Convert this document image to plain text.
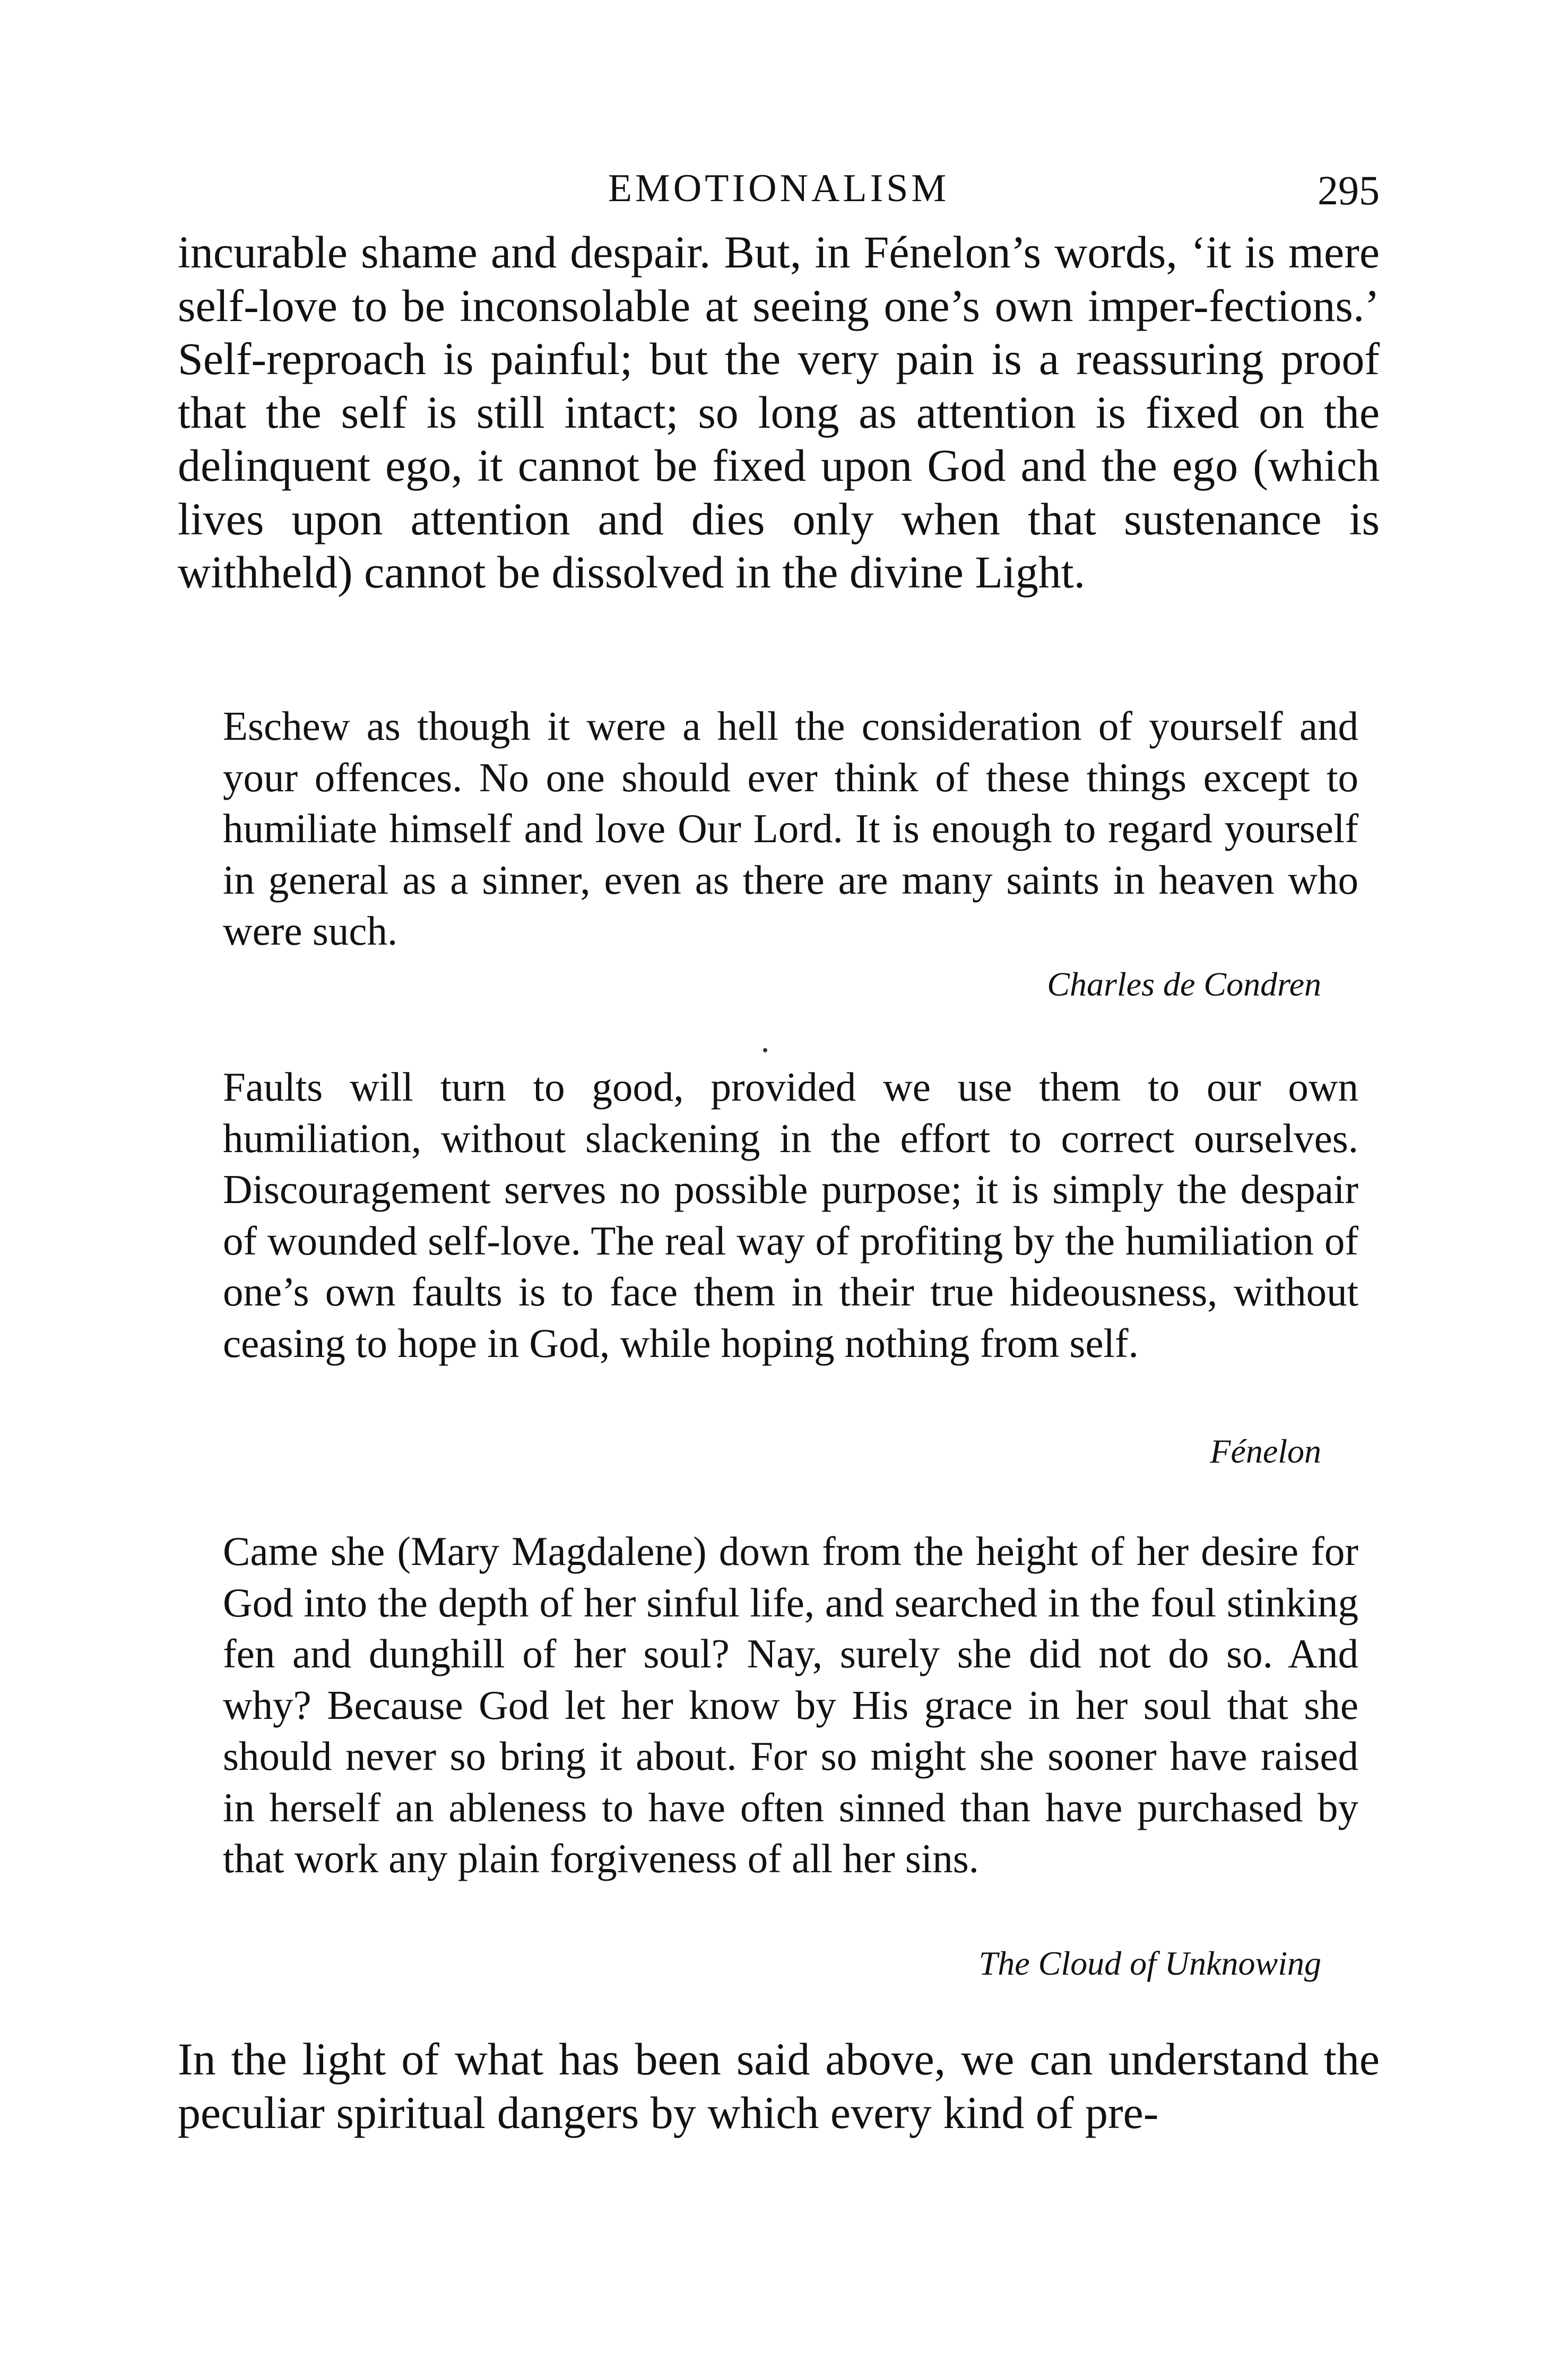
EMOTIONALISM	295

incurable shame and despair. But, in Fénelon’s words, ‘it is mere self-love to be inconsolable at seeing one’s own imper-fections.’ Self-reproach is painful; but the very pain is a reassuring proof that the self is still intact; so long as attention is fixed on the delinquent ego, it cannot be fixed upon God and the ego (which lives upon attention and dies only when that sustenance is withheld) cannot be dissolved in the divine Light.

Eschew as though it were a hell the consideration of yourself and your offences. No one should ever think of these things except to humiliate himself and love Our Lord. It is enough to regard yourself in general as a sinner, even as there are many saints in heaven who were such.

Charles de Condren

Faults will turn to good, provided we use them to our own humiliation, without slackening in the effort to correct ourselves. Discouragement serves no possible purpose; it is simply the despair of wounded self-love. The real way of profiting by the humiliation of one’s own faults is to face them in their true hideousness, without ceasing to hope in God, while hoping nothing from self.

Fénelon

Came she (Mary Magdalene) down from the height of her desire for God into the depth of her sinful life, and searched in the foul stinking fen and dunghill of her soul? Nay, surely she did not do so. And why? Because God let her know by His grace in her soul that she should never so bring it about. For so might she sooner have raised in herself an ableness to have often sinned than have purchased by that work any plain forgiveness of all her sins.

The Cloud of Unknowing

In the light of what has been said above, we can understand the peculiar spiritual dangers by which every kind of pre-
